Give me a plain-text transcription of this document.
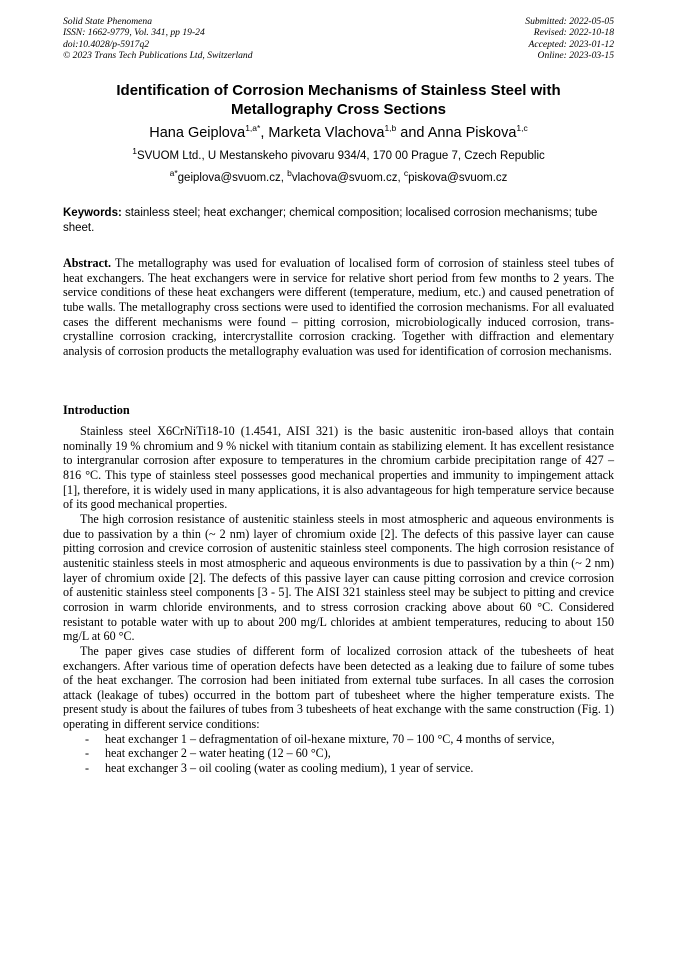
Solid State Phenomena
ISSN: 1662-9779, Vol. 341, pp 19-24
doi:10.4028/p-5917q2
© 2023 Trans Tech Publications Ltd, Switzerland
Submitted: 2022-05-05
Revised: 2022-10-18
Accepted: 2023-01-12
Online: 2023-03-15
Identification of Corrosion Mechanisms of Stainless Steel with
Metallography Cross Sections
Hana Geiplova$^{1,a*}$, Marketa Vlachova$^{1,b}$ and Anna Piskova$^{1,c}$
$^1$SVUOM Ltd., U Mestanskeho pivovaru 934/4, 170 00 Prague 7, Czech Republic
$^{a*}$geiplova@svuom.cz, $^b$vlachova@svuom.cz, $^c$piskova@svuom.cz
Keywords: stainless steel; heat exchanger; chemical composition; localised corrosion mechanisms; tube sheet.

Abstract. The metallography was used for evaluation of localised form of corrosion of stainless steel tubes of heat exchangers. The heat exchangers were in service for relative short period from few months to 2 years. The service conditions of these heat exchangers were different (temperature, medium, etc.) and caused penetration of tube walls. The metallography cross sections were used to identified the corrosion mechanisms. For all evaluated cases the different mechanisms were found – pitting corrosion, microbiologically induced corrosion, trans-crystalline corrosion cracking, intercrystallite corrosion cracking. Together with diffraction and elementary analysis of corrosion products the metallography evaluation was used for identification of corrosion mechanisms.

Introduction

Stainless steel X6CrNiTi18-10 (1.4541, AISI 321) is the basic austenitic iron-based alloys that contain nominally 19 % chromium and 9 % nickel with titanium contain as stabilizing element. It has excellent resistance to intergranular corrosion after exposure to temperatures in the chromium carbide precipitation range of 427 – 816 °C. This type of stainless steel possesses good mechanical properties and immunity to impingement attack [1], therefore, it is widely used in many applications, it is also advantageous for high temperature service because of its good mechanical properties.

The high corrosion resistance of austenitic stainless steels in most atmospheric and aqueous environments is due to passivation by a thin (~ 2 nm) layer of chromium oxide [2]. The defects of this passive layer can cause pitting corrosion and crevice corrosion of austenitic stainless steel components. The high corrosion resistance of austenitic stainless steels in most atmospheric and aqueous environments is due to passivation by a thin (~ 2 nm) layer of chromium oxide [2]. The defects of this passive layer can cause pitting corrosion and crevice corrosion of austenitic stainless steel components [3 - 5]. The AISI 321 stainless steel may be subject to pitting and crevice corrosion in warm chloride environments, and to stress corrosion cracking above about 60 °C. Considered resistant to potable water with up to about 200 mg/L chlorides at ambient temperatures, reducing to about 150 mg/L at 60 °C.

The paper gives case studies of different form of localized corrosion attack of the tubesheets of heat exchangers. After various time of operation defects have been detected as a leaking due to failure of some tubes of the heat exchanger. The corrosion had been initiated from external tube surfaces. In all cases the corrosion attack (leakage of tubes) occurred in the bottom part of tubesheet where the higher temperature exists. The present study is about the failures of tubes from 3 tubesheets of heat exchange with the same construction (Fig. 1) operating in different service conditions:

- heat exchanger 1 – defragmentation of oil-hexane mixture, 70 – 100 °C, 4 months of service,
- heat exchanger 2 – water heating (12 – 60 °C),
- heat exchanger 3 – oil cooling (water as cooling medium), 1 year of service.
